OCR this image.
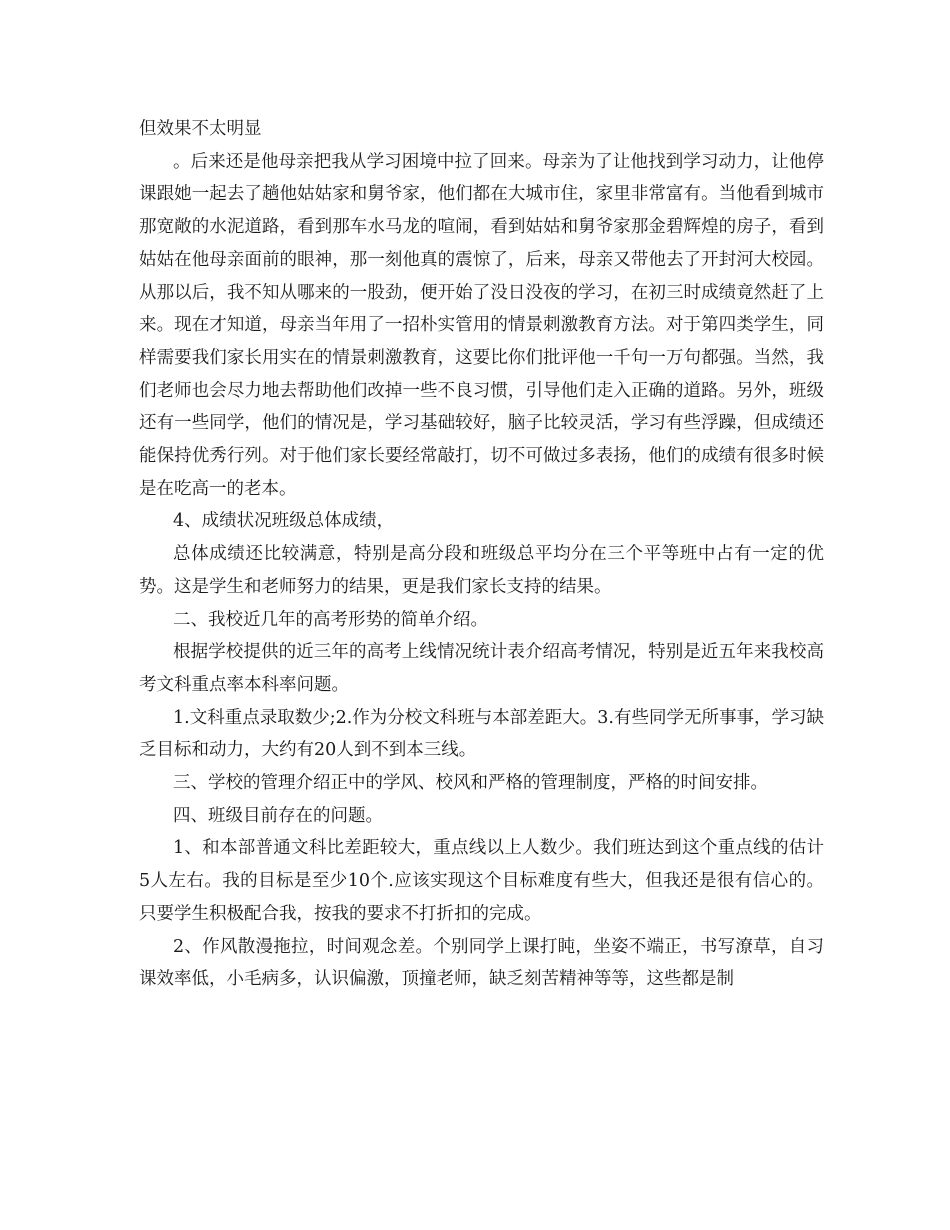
但效果不太明显

。后来还是他母亲把我从学习困境中拉了回来。母亲为了让他找到学习动力，让他停课跟她一起去了趟他姑姑家和舅爷家，他们都在大城市住，家里非常富有。当他看到城市那宽敞的水泥道路，看到那车水马龙的喧闹，看到姑姑和舅爷家那金碧辉煌的房子，看到姑姑在他母亲面前的眼神，那一刻他真的震惊了，后来，母亲又带他去了开封河大校园。从那以后，我不知从哪来的一股劲，便开始了没日没夜的学习，在初三时成绩竟然赶了上来。现在才知道，母亲当年用了一招朴实管用的情景刺激教育方法。对于第四类学生，同样需要我们家长用实在的情景刺激教育，这要比你们批评他一千句一万句都强。当然，我们老师也会尽力地去帮助他们改掉一些不良习惯，引导他们走入正确的道路。另外，班级还有一些同学，他们的情况是，学习基础较好，脑子比较灵活，学习有些浮躁，但成绩还能保持优秀行列。对于他们家长要经常敲打，切不可做过多表扬，他们的成绩有很多时候是在吃高一的老本。

4、成绩状况班级总体成绩，

总体成绩还比较满意，特别是高分段和班级总平均分在三个平等班中占有一定的优势。这是学生和老师努力的结果，更是我们家长支持的结果。

二、我校近几年的高考形势的简单介绍。

根据学校提供的近三年的高考上线情况统计表介绍高考情况，特别是近五年来我校高考文科重点率本科率问题。

1.文科重点录取数少;2.作为分校文科班与本部差距大。3.有些同学无所事事，学习缺乏目标和动力，大约有20人到不到本三线。

三、学校的管理介绍正中的学风、校风和严格的管理制度，严格的时间安排。

四、班级目前存在的问题。

1、和本部普通文科比差距较大，重点线以上人数少。我们班达到这个重点线的估计5人左右。我的目标是至少10个.应该实现这个目标难度有些大，但我还是很有信心的。只要学生积极配合我，按我的要求不打折扣的完成。

2、作风散漫拖拉，时间观念差。个别同学上课打盹，坐姿不端正，书写潦草，自习课效率低，小毛病多，认识偏激，顶撞老师，缺乏刻苦精神等等，这些都是制
